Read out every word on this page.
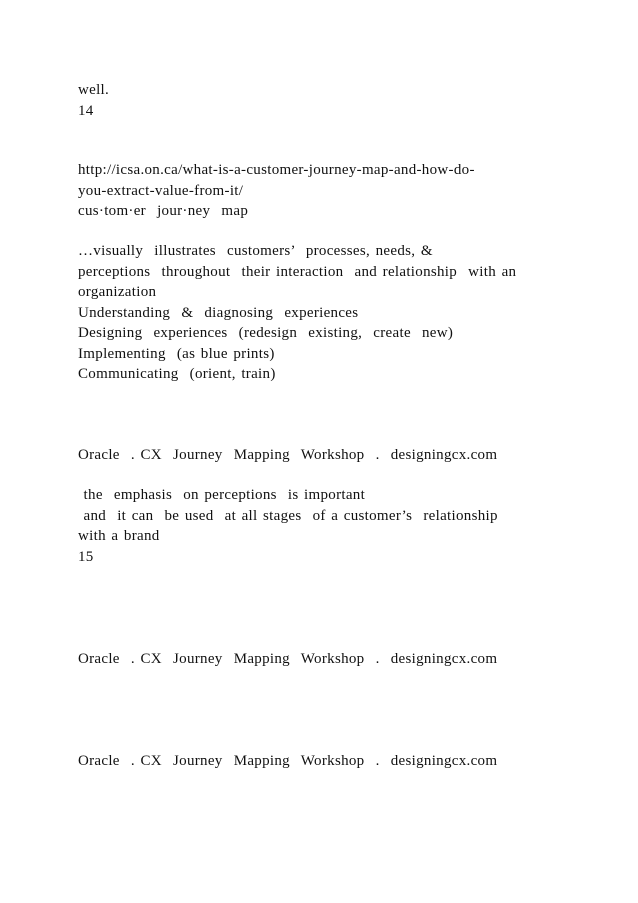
well.
14
http://icsa.on.ca/what-is-a-customer-journey-map-and-how-do-
you-extract-value-from-it/
cus·tom·er  jour·ney  map
…visually  illustrates  customers’  processes, needs, &
perceptions  throughout  their interaction  and relationship  with an
organization
Understanding  &  diagnosing  experiences
Designing  experiences  (redesign  existing,  create  new)
Implementing  (as blue prints)
Communicating  (orient, train)
Oracle  . CX  Journey  Mapping  Workshop  .  designingcx.com
the  emphasis  on perceptions  is important
and  it can  be used  at all stages  of a customer’s  relationship
with a brand
15
Oracle  . CX  Journey  Mapping  Workshop  .  designingcx.com
Oracle  . CX  Journey  Mapping  Workshop  .  designingcx.com
